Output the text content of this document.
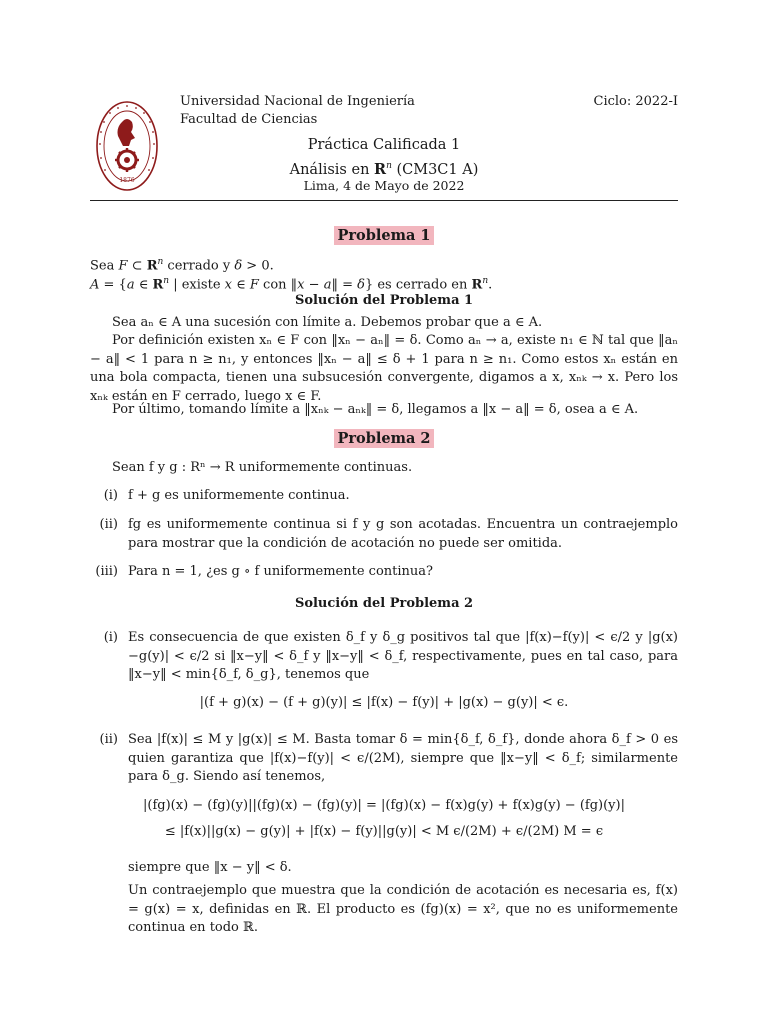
1876
Universidad Nacional de Ingeniería
Facultad de Ciencias
Ciclo: 2022-I
Práctica Calificada 1
Análisis en $R^n$ (CM3C1 A)
Lima, 4 de Mayo de 2022
Problema 1
Sea F ⊂ $R^n$ cerrado y δ > 0.
A = {a ∈ $R^n$ | existe x ∈ F con ‖x − a‖ = δ} es cerrado en $R^n$.
Solución del Problema 1
Sea aₙ ∈ A una sucesión con límite a. Debemos probar que a ∈ A.
Por definición existen xₙ ∈ F con ‖xₙ − aₙ‖ = δ. Como aₙ → a, existe n₁ ∈ ℕ tal que ‖aₙ − a‖ < 1 para n ≥ n₁, y entonces ‖xₙ − a‖ ≤ δ + 1 para n ≥ n₁. Como estos xₙ están en una bola compacta, tienen una subsucesión convergente, digamos a x, xₙₖ → x. Pero los xₙₖ están en F cerrado, luego x ∈ F.
Por último, tomando límite a ‖xₙₖ − aₙₖ‖ = δ, llegamos a ‖x − a‖ = δ, osea a ∈ A.
Problema 2
Sean f y g : Rⁿ → R uniformemente continuas.
(i) f + g es uniformemente continua.
(ii) fg es uniformemente continua si f y g son acotadas. Encuentra un contraejemplo para mostrar que la condición de acotación no puede ser omitida.
(iii) Para n = 1, ¿es g ∘ f uniformemente continua?
Solución del Problema 2
(i) Es consecuencia de que existen δ_f y δ_g positivos tal que |f(x)−f(y)| < ϵ/2 y |g(x)−g(y)| < ϵ/2 si ‖x−y‖ < δ_f y ‖x−y‖ < δ_f, respectivamente, pues en tal caso, para ‖x−y‖ < min{δ_f, δ_g}, tenemos que
|(f + g)(x) − (f + g)(y)| ≤ |f(x) − f(y)| + |g(x) − g(y)| < ϵ.
(ii) Sea |f(x)| ≤ M y |g(x)| ≤ M. Basta tomar δ = min{δ_f, δ_f}, donde ahora δ_f > 0 es quien garantiza que |f(x)−f(y)| < ϵ/(2M), siempre que ‖x−y‖ < δ_f; similarmente para δ_g. Siendo así tenemos,
|(fg)(x) − (fg)(y)||(fg)(x) − (fg)(y)| = |(fg)(x) − f(x)g(y) + f(x)g(y) − (fg)(y)|
≤ |f(x)||g(x) − g(y)| + |f(x) − f(y)||g(y)| < M ϵ/(2M) + ϵ/(2M) M = ϵ
siempre que ‖x − y‖ < δ.
Un contraejemplo que muestra que la condición de acotación es necesaria es, f(x) = g(x) = x, definidas en ℝ. El producto es (fg)(x) = x², que no es uniformemente continua en todo ℝ.
